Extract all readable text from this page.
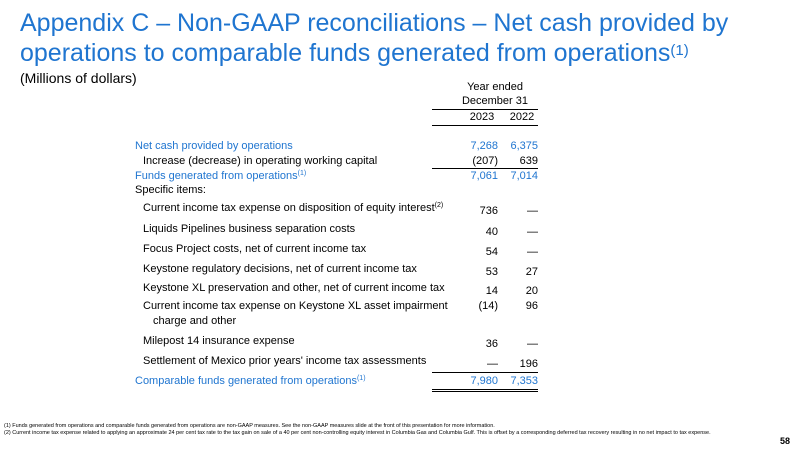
Appendix C – Non-GAAP reconciliations – Net cash provided by operations to comparable funds generated from operations$^{(1)}$
(Millions of dollars)
Year ended
December 31
2023	2022
Net cash provided by operations	7,268	6,375
Increase (decrease) in operating working capital	(207)	639
Funds generated from operations$^{(1)}$	7,061	7,014
Specific items:
Current income tax expense on disposition of equity interest$^{(2)}$	736	—
Liquids Pipelines business separation costs	40	—
Focus Project costs, net of current income tax	54	—
Keystone regulatory decisions, net of current income tax	53	27
Keystone XL preservation and other, net of current income tax	14	20
Current income tax expense on Keystone XL asset impairment
charge and other
(14)	96
Milepost 14 insurance expense	36	—
Settlement of Mexico prior years' income tax assessments	—	196
Comparable funds generated from operations$^{(1)}$	7,980	7,353
(1) Funds generated from operations and comparable funds generated from operations are non-GAAP measures. See the non-GAAP measures slide at the front of this presentation for more information.
(2) Current income tax expense related to applying an approximate 24 per cent tax rate to the tax gain on sale of a 40 per cent non-controlling equity interest in Columbia Gas and Columbia Gulf. This is offset by a corresponding deferred tax recovery resulting in no net impact to tax expense.
58
